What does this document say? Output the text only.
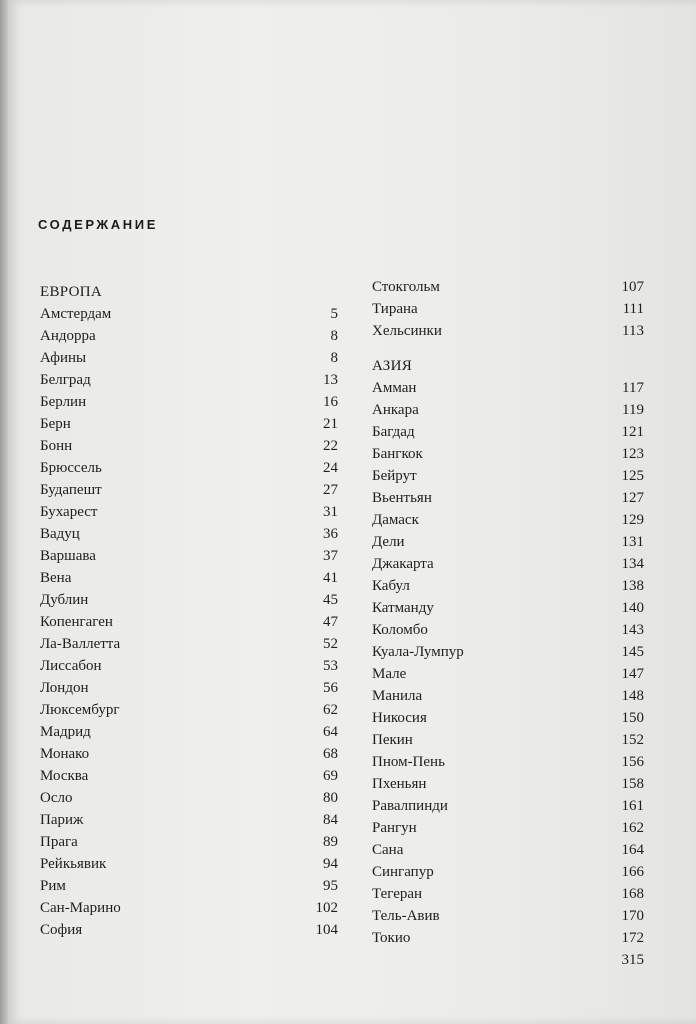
СОДЕРЖАНИЕ
ЕВРОПА
Амстердам	5
Андорра	8
Афины	8
Белград	13
Берлин	16
Берн	21
Бонн	22
Брюссель	24
Будапешт	27
Бухарест	31
Вадуц	36
Варшава	37
Вена	41
Дублин	45
Копенгаген	47
Ла-Валлетта	52
Лиссабон	53
Лондон	56
Люксембург	62
Мадрид	64
Монако	68
Москва	69
Осло	80
Париж	84
Прага	89
Рейкьявик	94
Рим	95
Сан-Марино	102
София	104
Стокгольм	107
Тирана	111
Хельсинки	113
АЗИЯ
Амман	117
Анкара	119
Багдад	121
Бангкок	123
Бейрут	125
Вьентьян	127
Дамаск	129
Дели	131
Джакарта	134
Кабул	138
Катманду	140
Коломбо	143
Куала-Лумпур	145
Мале	147
Манила	148
Никосия	150
Пекин	152
Пном-Пень	156
Пхеньян	158
Равалпинди	161
Рангун	162
Сана	164
Сингапур	166
Тегеран	168
Тель-Авив	170
Токио	172
315
